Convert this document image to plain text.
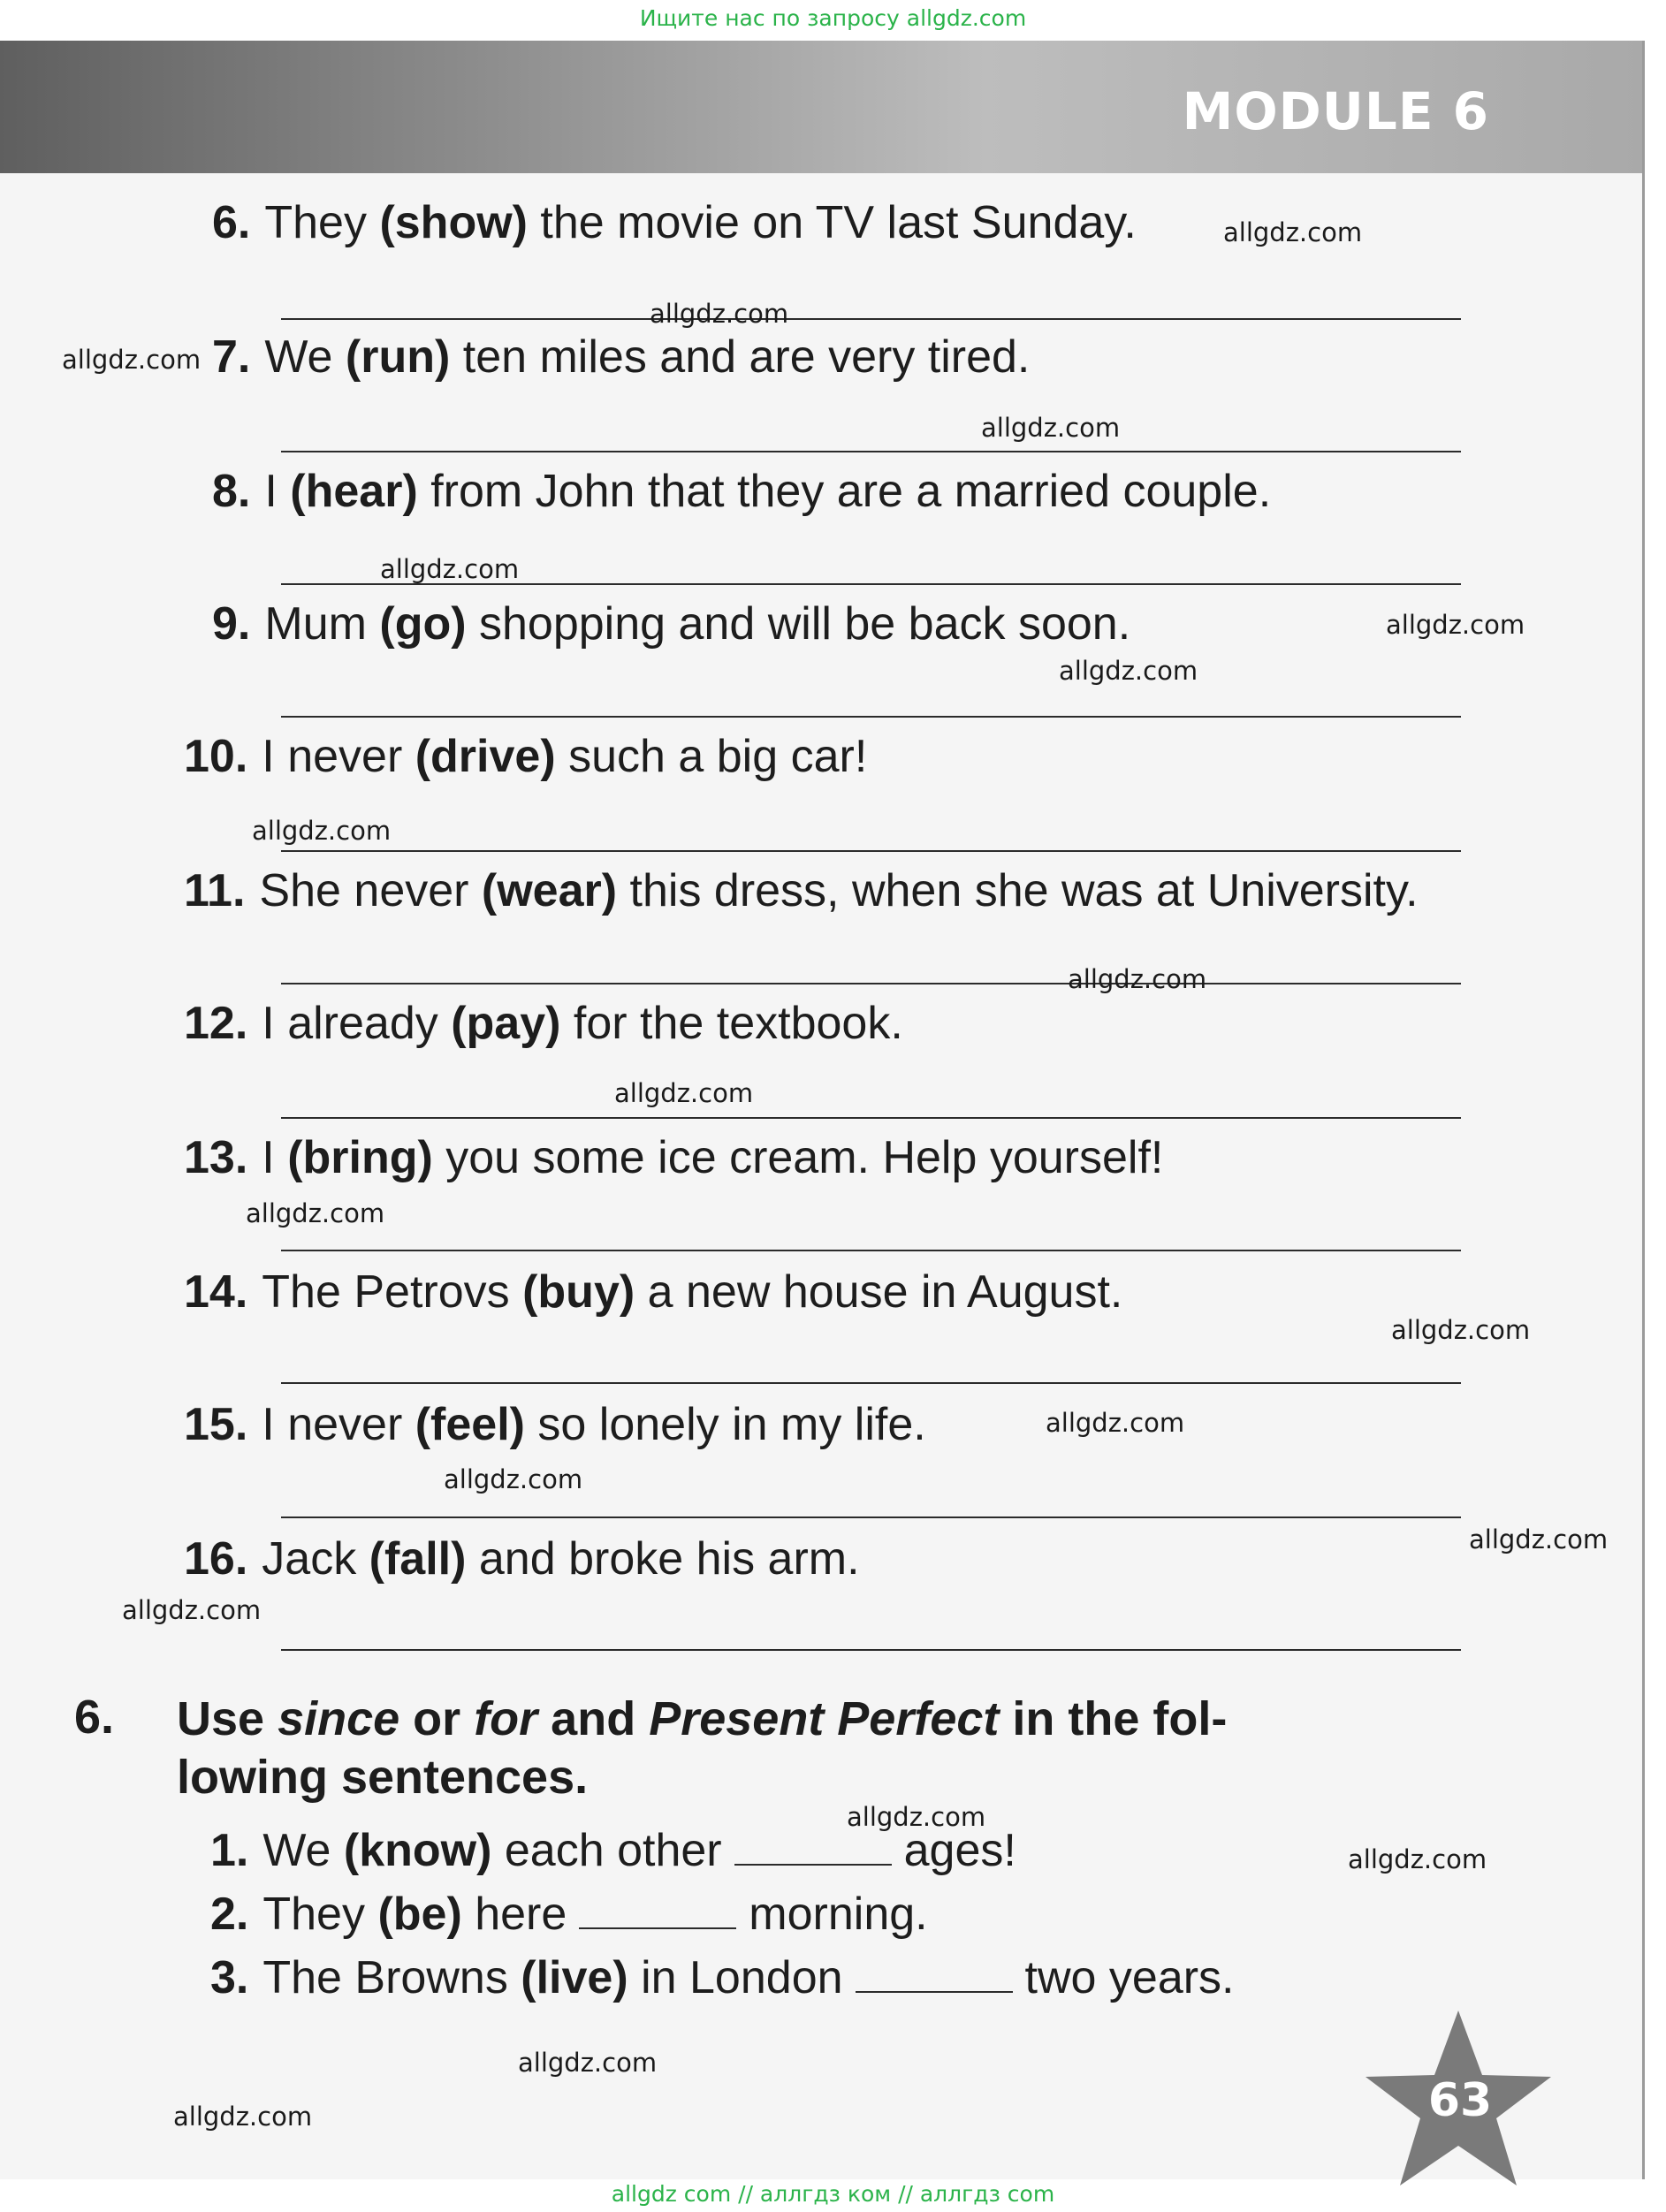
Ищите нас по запросу allgdz.com
MODULE 6
6. They (show) the movie on TV last Sunday.
7. We (run) ten miles and are very tired.
8. I (hear) from John that they are a married couple.
9. Mum (go) shopping and will be back soon.
10. I never (drive) such a big car!
11. She never (wear) this dress, when she was at University.
12. I already (pay) for the textbook.
13. I (bring) you some ice cream. Help yourself!
14. The Petrovs (buy) a new house in August.
15. I never (feel) so lonely in my life.
16. Jack (fall) and broke his arm.
6. Use since or for and Present Perfect in the fol-
lowing sentences.
1. We (know) each other	ages!
2. They (be) here	morning.
3. The Browns (live) in London	two years.
63
allgdz.com
allgdz.com
allgdz.com
allgdz.com
allgdz.com
allgdz.com
allgdz.com
allgdz.com
allgdz.com
allgdz.com
allgdz.com
allgdz.com
allgdz.com
allgdz.com
allgdz.com
allgdz.com
allgdz.com
allgdz.com
allgdz.com
allgdz.com
allgdz com // аллгдз ком // аллгдз com
